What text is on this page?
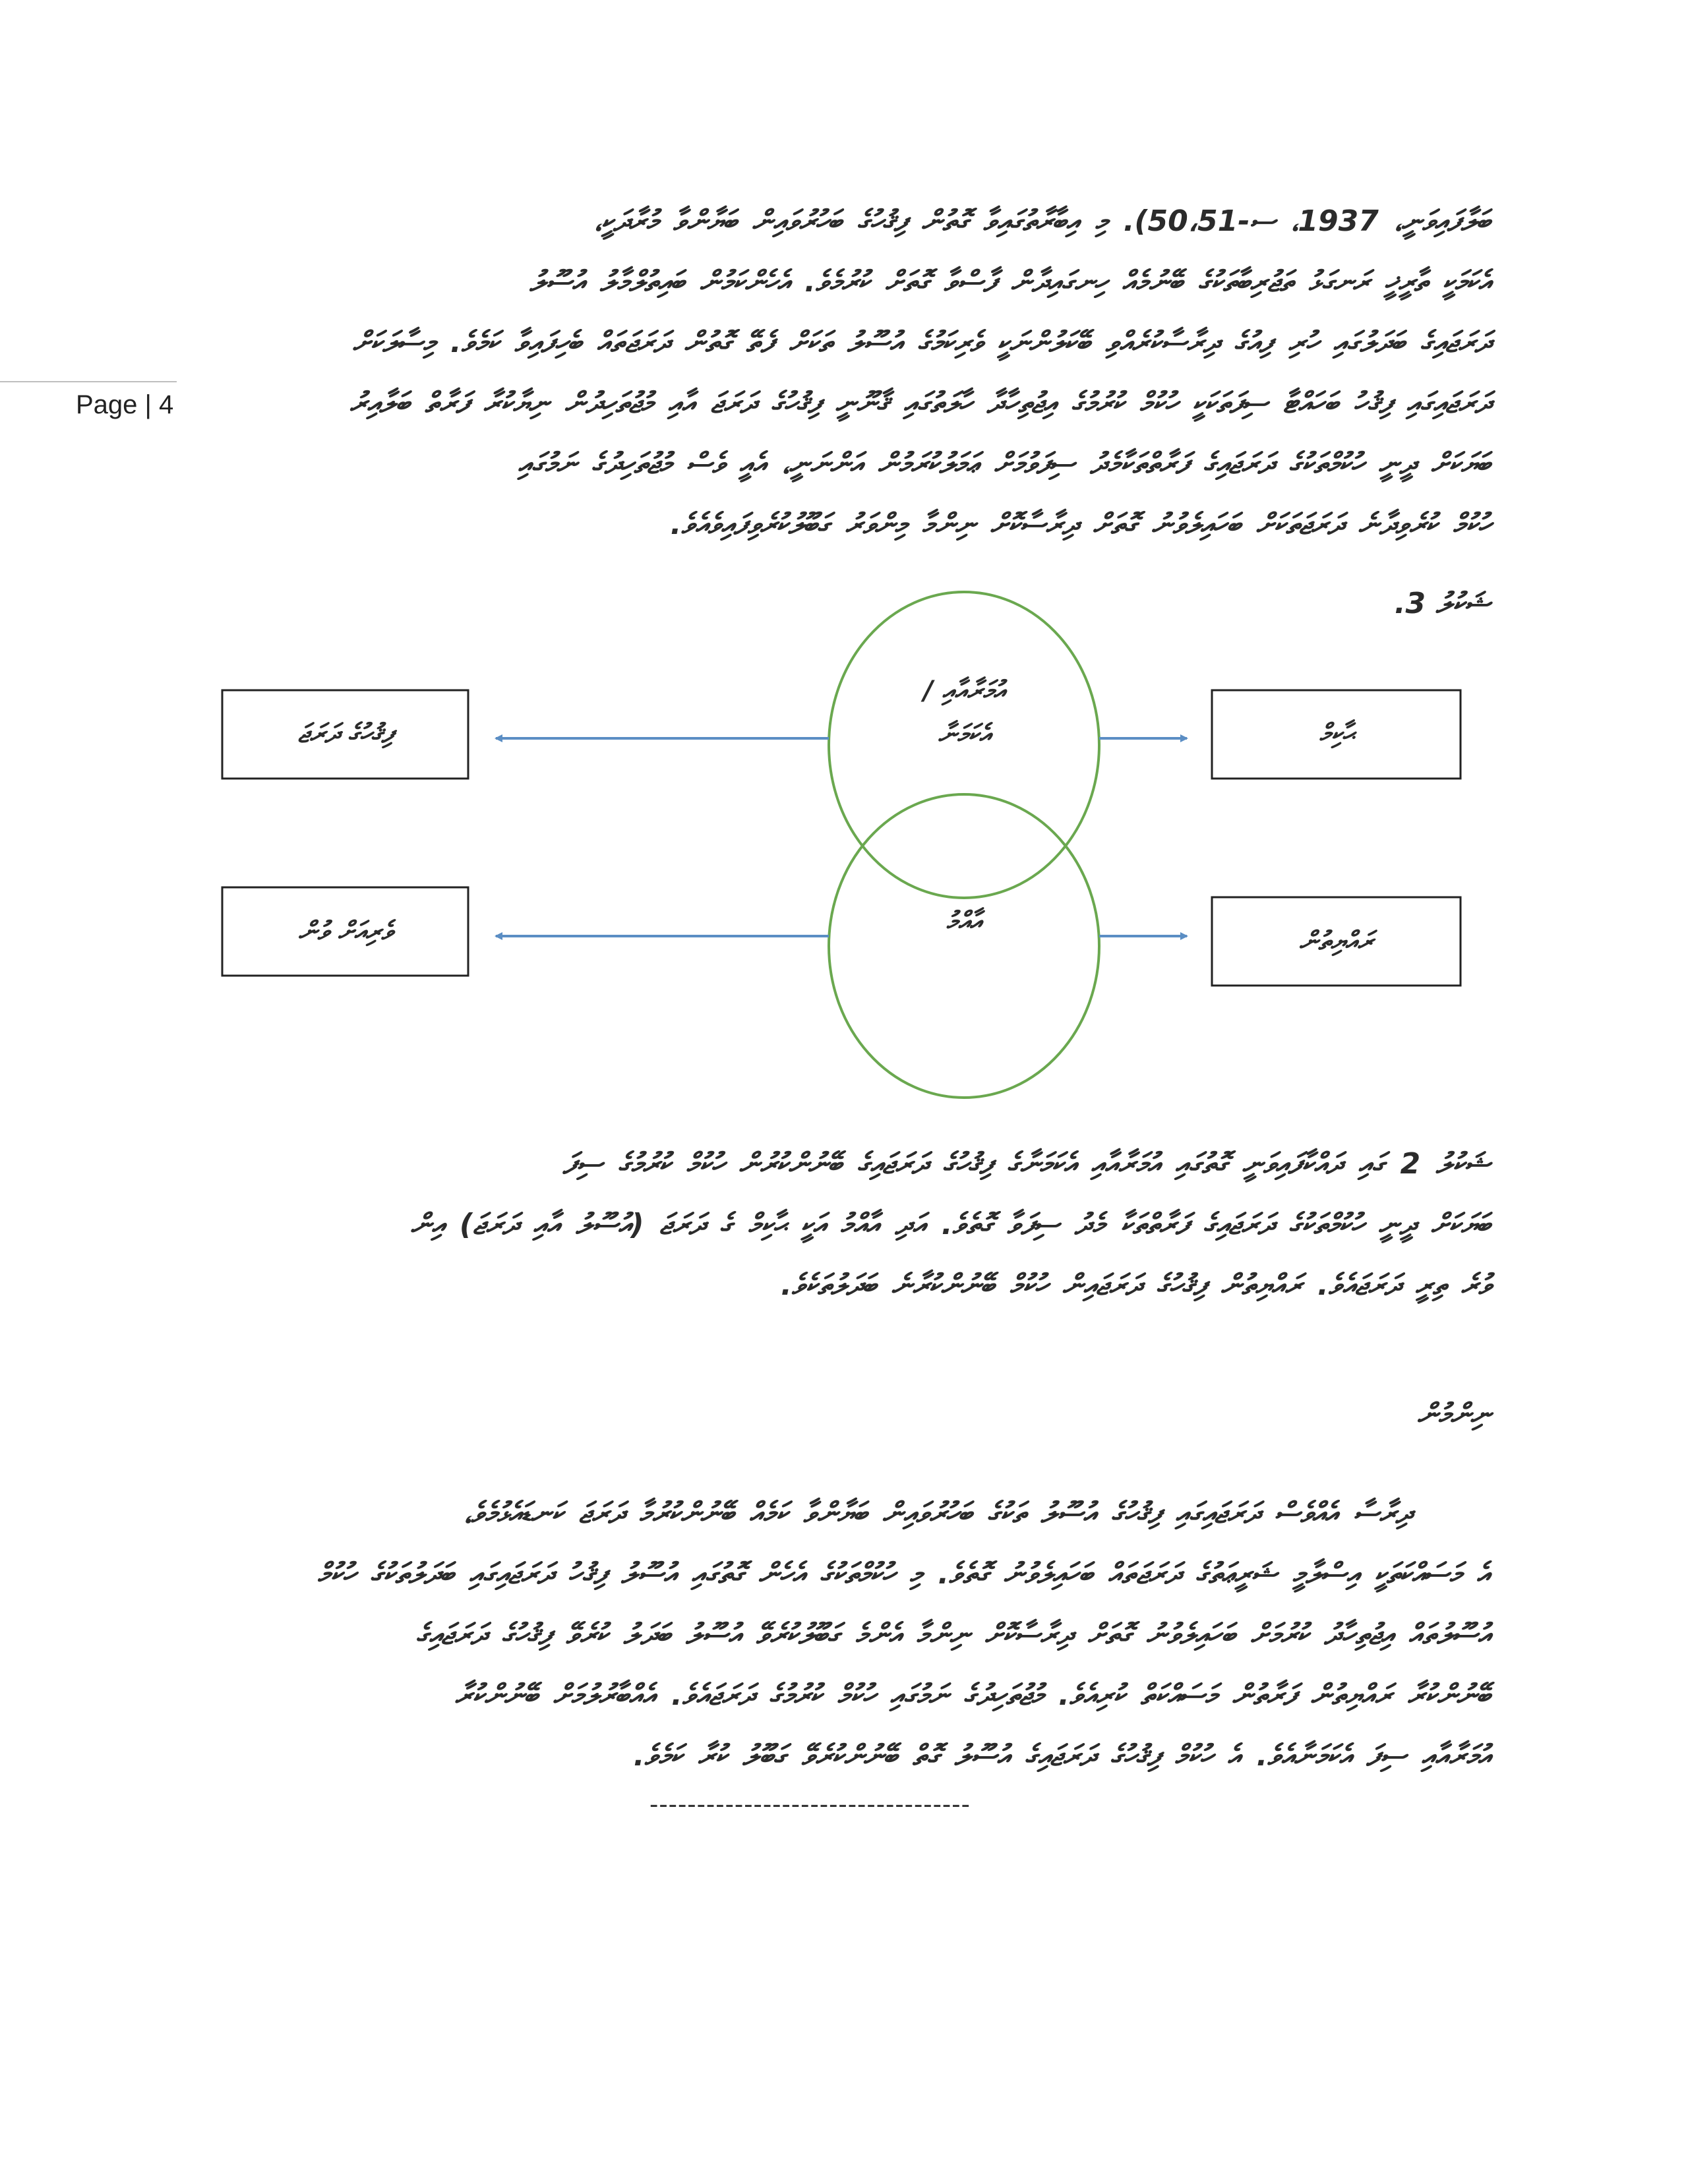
Page | 4
ބަލާފައިވަނީ، 1937، ސ-50،51). މި އިބާރާތުގައިވާ ގޮތުން ފިޤުހުގެ ބަހުރުވައިން ބަޔާންވާ މުރާދަކީ،
އެކަމަކީ ތާރީޚީ ރަނގަޅު ތަޖުރިބާތަކުގެ ބޭނުމެއް ހިނގައިދާން ފާސްވާ ގޮތަށް ކުރުމެވެ. އެހެންކަމުން ބައިތުލްމާލު އުސޫލު
ދަރަޖައިގެ ބަދަލުގައި ހުރި ފިއުގެ ދިރާސާކުރެއްވި ބޭކަލުންނަކީ ވެރިކަމުގެ އުސޫލު ތަކަށް ފެތޭ ގޮތުން ދަރަޖަތައް ބެހިފައިވާ ކަމެވެ. މިސާލަކަށް
ދަރަޖައިގައި ފިޤުހު ބަހައްޓާ ސިފަތަކަކީ ހުކުމް ކުރުމުގެ އިޖުތިހާދާ ހާލަތުގައި ޤާނޫނީ ފިޤުހުގެ ދަރަޖަ އާއި މުޖުތަހިދުން ނިޔާކުރާ ފަރާތް ބަލާއިރު
ބަޔަކަށް ދީނީ ހުކުމްތަކުގެ ދަރަޖައިގެ ފަރާތްތަކާމެދު ސިފަވުމަށް ޢަމަލުކުރަމުން އަންނަނީ، އެއީ ވެސް މުޖުތަހިދުގެ ނަމުގައި
ހުކުމް ކުރެވިދާނެ ދަރަޖަތަކަށް ބަހައިލެވުނު ގޮތަށް ދިރާސާކޮށް ނިންމާ މިންވަރު ގަބޫލުކުރެވިފައިވެއެވެ.
ޝަކުލު 3.
އުމަރާއާއި /
އެކަމަނާ
އާއްމު
ފިޤުހުގެ ދަރަޖަ	ޙާކިމް
ވެރިއަށް ވުން	ރައްޔިތުން
ޝަކުލު 2 ގައި ދައްކާފައިވަނީ ގޮތުގައި އުމަރާއާއި އެކަމަނާގެ ފިޤުހުގެ ދަރަޖައިގެ ބޭނުންކުރުން ހުކުމް ކުރުމުގެ ސިފަ
ބަޔަކަށް ދީނީ ހުކުމްތަކުގެ ދަރަޖައިގެ ފަރާތްތަކާ މެދު ސިފަވާ ގޮތެވެ. އަދި އާއްމު އަކީ ޙާކިމް ގެ ދަރަޖަ (އުސޫލު އާއި ދަރަޖަ) އިން
ވުރެ ތިރީ ދަރަޖައެވެ. ރައްޔިތުން ފިޤުހުގެ ދަރަޖައިން ހުކުމް ބޭނުންކުރާނެ ބަދަލުތަކެވެ.
ނިންމުން
ދިރާސާ އެއްވެސް ދަރަޖައިގައި ފިޤުހުގެ އުސޫލު ތަކުގެ ބަހުރުވައިން ބަޔާންވާ ކަމެއް ބޭނުންކުރުމާ ދަރަޖަ ކަނޑައެޅުމެވެ،
އެ މަސައްކަތަކީ އިސްލާމީ ޝަރީޢަތުގެ ދަރަޖަތައް ބަހައިލެވުނު ގޮތެވެ. މި ހުކުމްތަކުގެ އެހެން ގޮތުގައި އުސޫލު ފިޤުހު ދަރަޖައިގައި ބަދަލުތަކުގެ ހުކުމް
އުސޫލުތައް އިޖުތިހާދު ކުރުމަށް ބަހައިލެވުނު ގޮތަށް ދިރާސާކޮށް ނިންމާ އެންމެ ގަބޫލުކުރެވޭ އުސޫލު ބަދަލު ކުރެވޭ ފިޤުހުގެ ދަރަޖައިގެ
ބޭނުންކުރާ ރައްޔިތުން ފަރާތުން މަސައްކަތް ކުރިއެވެ. މުޖުތަހިދުގެ ނަމުގައި ހުކުމް ކުރުމުގެ ދަރަޖައެވެ. އެއްބާރުލުމަށް ބޭނުންކުރާ
އުމަރާއާއި ސިފަ އެކަމަނާއެވެ. އެ ހުކުމް ފިޤުހުގެ ދަރަޖައިގެ އުސޫލު ގޮތް ބޭނުންކުރެވޭ ގަބޫލު ކުރާ ކަމެވެ.
----------------------------------
